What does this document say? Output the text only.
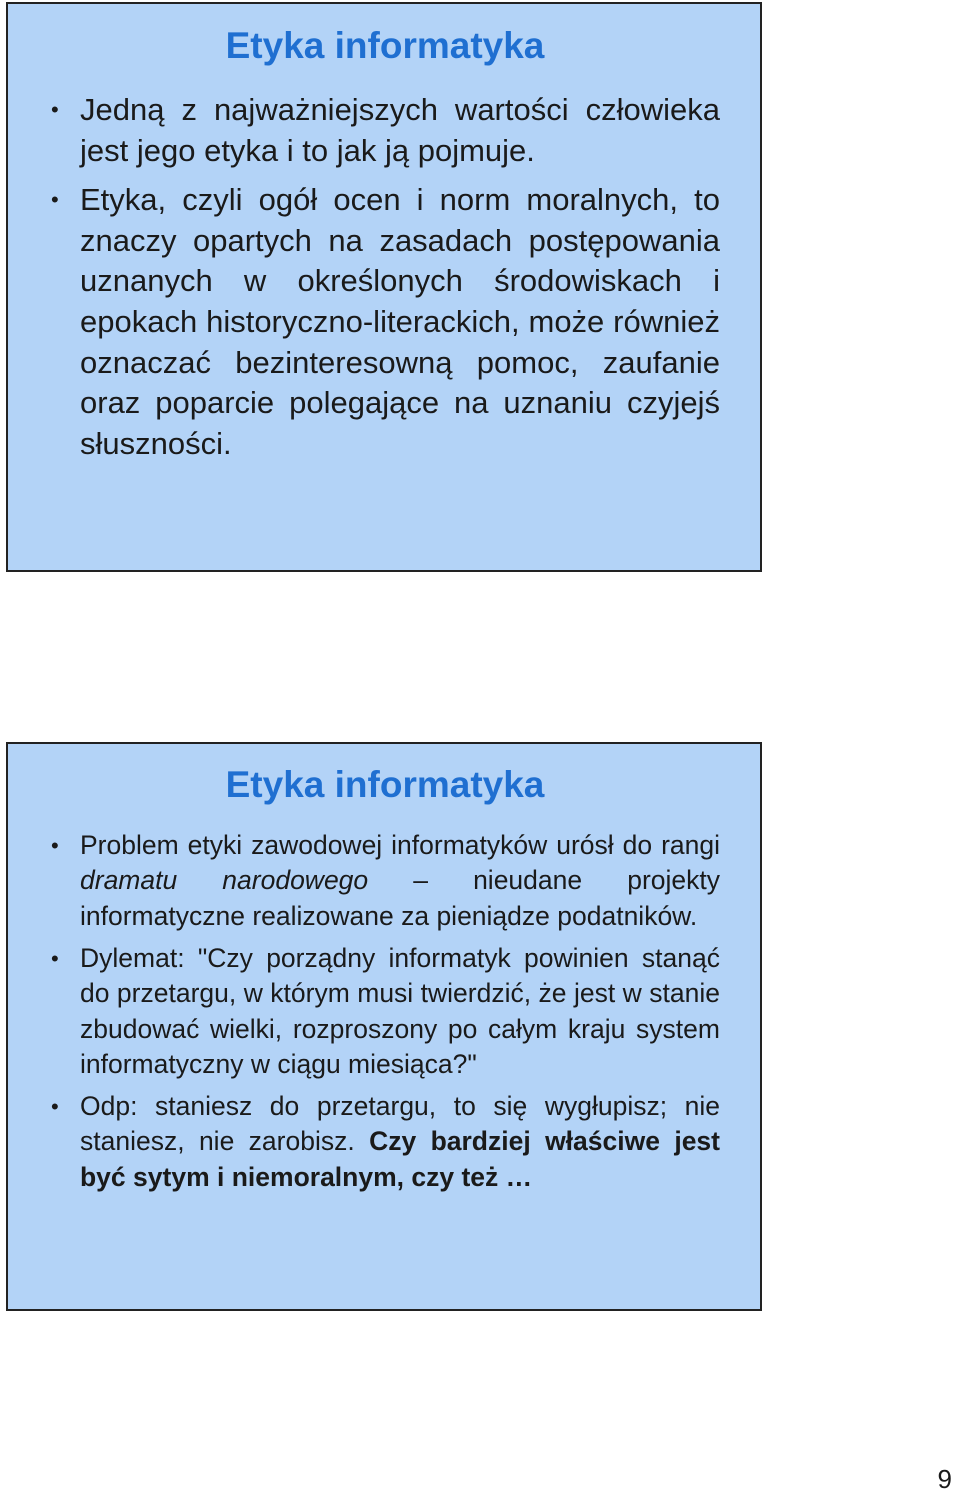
Etyka informatyka
• Jedną z najważniejszych wartości człowieka jest jego etyka i to jak ją pojmuje.
• Etyka, czyli ogół ocen i norm moralnych, to znaczy opartych na zasadach postępowania uznanych w określonych środowiskach i epokach historyczno-literackich, może również oznaczać bezinteresowną pomoc, zaufanie oraz poparcie polegające na uznaniu czyjejś słuszności.
Etyka informatyka
• Problem etyki zawodowej informatyków urósł do rangi dramatu narodowego – nieudane projekty informatyczne realizowane za pieniądze podatników.
• Dylemat: "Czy porządny informatyk powinien stanąć do przetargu, w którym musi twierdzić, że jest w stanie zbudować wielki, rozproszony po całym kraju system informatyczny w ciągu miesiąca?"
• Odp: staniesz do przetargu, to się wygłupisz; nie staniesz, nie zarobisz. Czy bardziej właściwe jest być sytym i niemoralnym, czy też …
9
